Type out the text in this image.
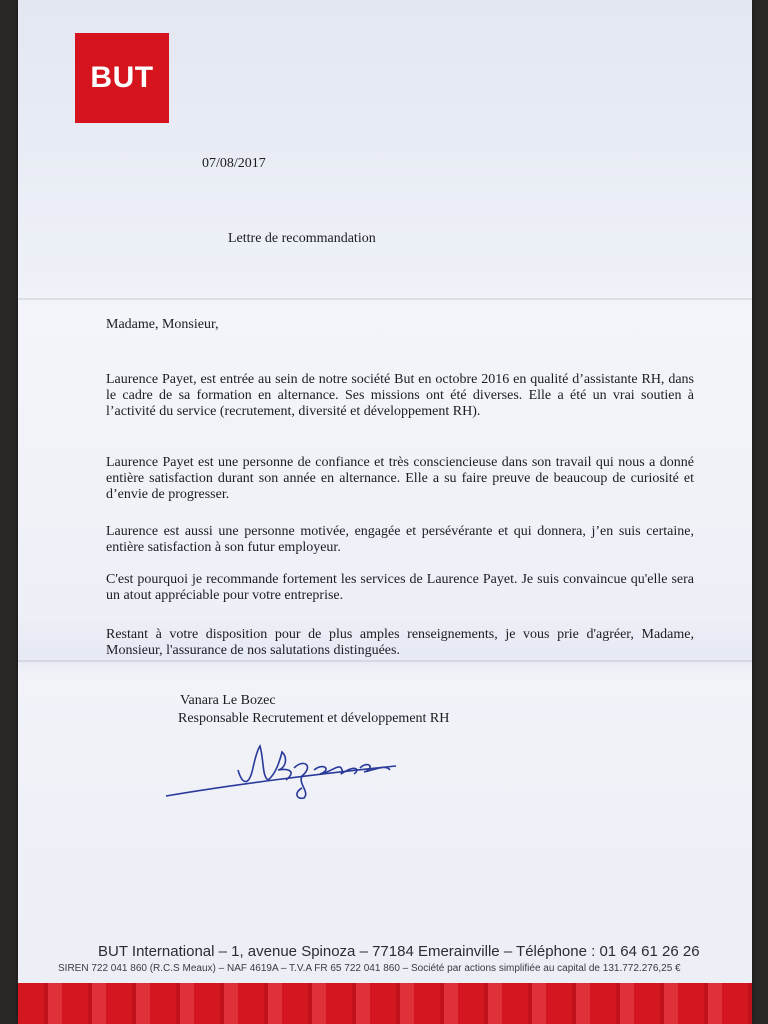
BUT
07/08/2017
Lettre de recommandation
Madame, Monsieur,
Laurence Payet, est entrée au sein de notre société But en octobre 2016 en qualité d’assistante RH, dans le cadre de sa formation en alternance. Ses missions ont été diverses. Elle a été un vrai soutien à l’activité du service (recrutement, diversité et développement RH).
Laurence Payet est une personne de confiance et très consciencieuse dans son travail qui nous a donné entière satisfaction durant son année en alternance. Elle a su faire preuve de beaucoup de curiosité et d’envie de progresser.
Laurence est aussi une personne motivée, engagée et persévérante et qui donnera, j’en suis certaine, entière satisfaction à son futur employeur.
C'est pourquoi je recommande fortement les services de Laurence Payet. Je suis convaincue qu'elle sera un atout appréciable pour votre entreprise.
Restant à votre disposition pour de plus amples renseignements, je vous prie d'agréer, Madame, Monsieur, l'assurance de nos salutations distinguées.
Vanara Le Bozec
Responsable Recrutement et développement RH
BUT International – 1, avenue Spinoza – 77184 Emerainville – Téléphone : 01 64 61 26 26
SIREN 722 041 860 (R.C.S Meaux) – NAF 4619A – T.V.A FR 65 722 041 860 – Société par actions simplifiée au capital de 131.772.276,25 €
